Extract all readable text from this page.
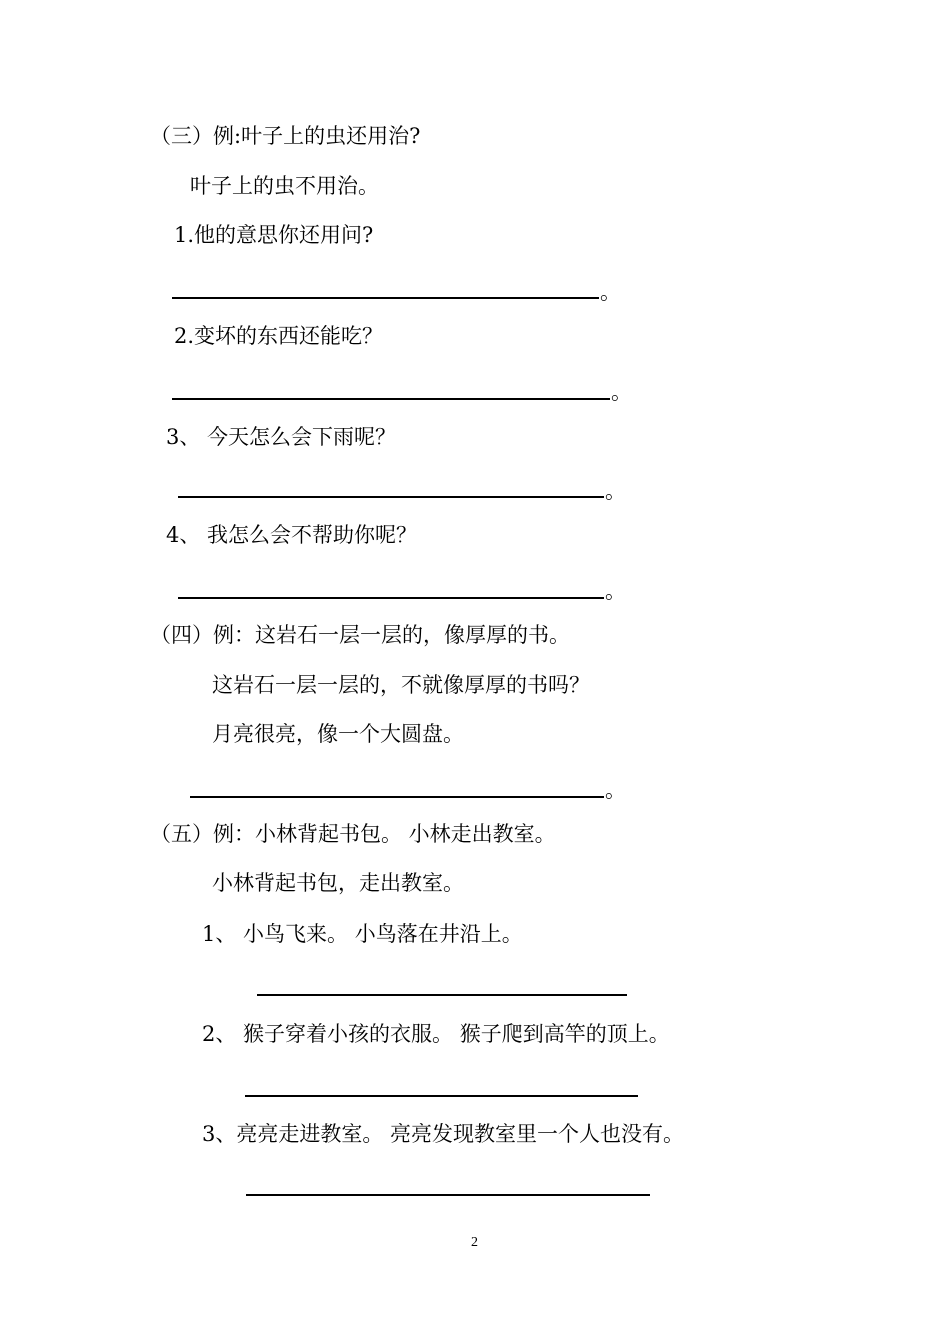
（三）例:叶子上的虫还用治?
叶子上的虫不用治。
1.他的意思你还用问?
。
2.变坏的东西还能吃？
。
3、 今天怎么会下雨呢？
。
4、 我怎么会不帮助你呢？
。
（四）例：这岩石一层一层的，像厚厚的书。
这岩石一层一层的，不就像厚厚的书吗？
月亮很亮，像一个大圆盘。
。
（五）例：小林背起书包。 小林走出教室。
小林背起书包，走出教室。
1、 小鸟飞来。 小鸟落在井沿上。
2、 猴子穿着小孩的衣服。 猴子爬到高竿的顶上。
3、亮亮走进教室。 亮亮发现教室里一个人也没有。
2
